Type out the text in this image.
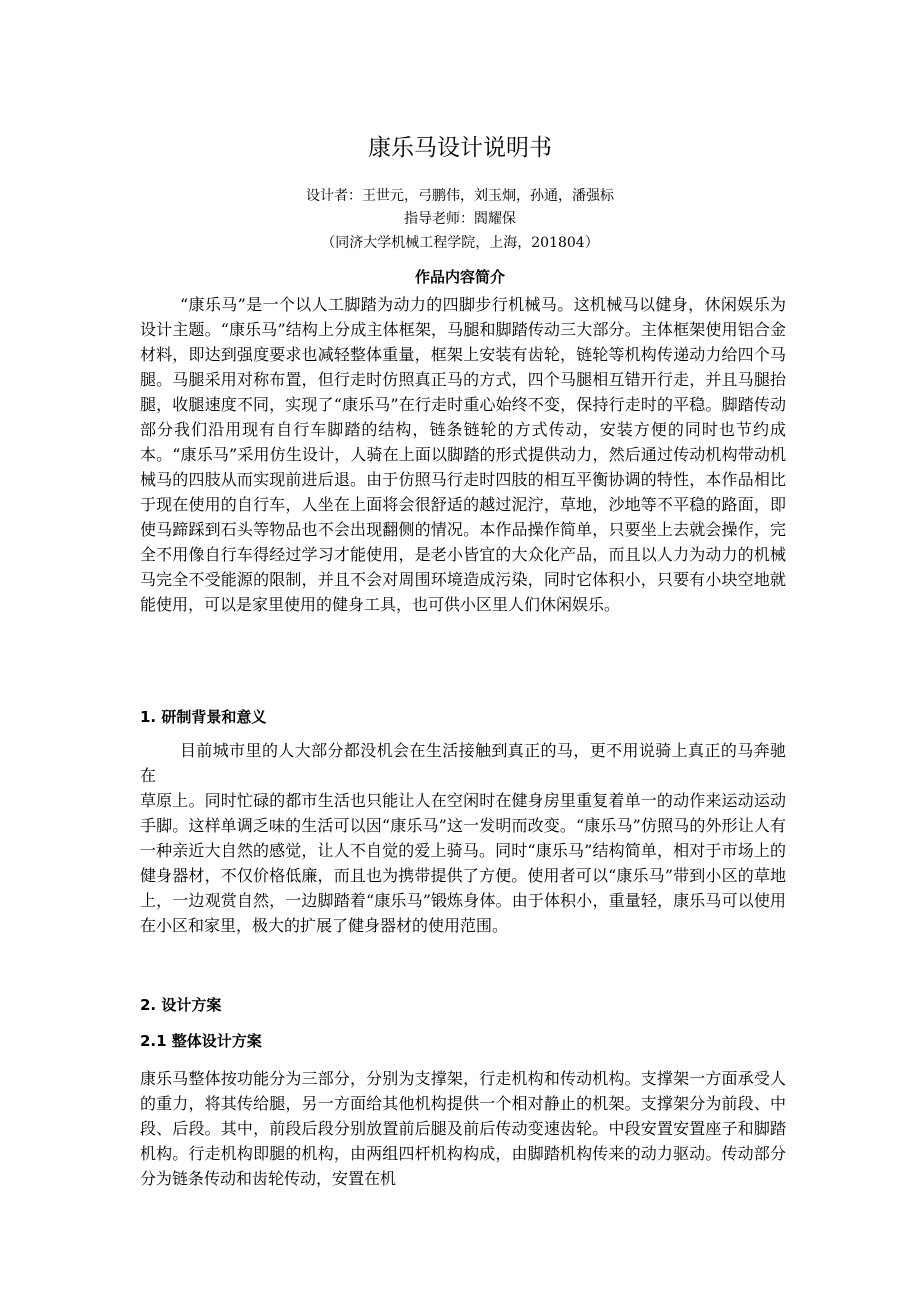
康乐马设计说明书
设计者：王世元，弓鹏伟，刘玉炯，孙通，潘强标
指导老师：閻耀保
（同济大学机械工程学院，上海，201804）
作品内容简介

“康乐马”是一个以人工脚踏为动力的四脚步行机械马。这机械马以健身，休闲娱乐为设计主题。“康乐马”结构上分成主体框架，马腿和脚踏传动三大部分。主体框架使用铝合金材料，即达到强度要求也减轻整体重量，框架上安装有齿轮，链轮等机构传递动力给四个马腿。马腿采用对称布置，但行走时仿照真正马的方式，四个马腿相互错开行走，并且马腿抬腿，收腿速度不同，实现了“康乐马”在行走时重心始终不变，保持行走时的平稳。脚踏传动部分我们沿用现有自行车脚踏的结构，链条链轮的方式传动，安装方便的同时也节约成本。“康乐马”采用仿生设计，人骑在上面以脚踏的形式提供动力，然后通过传动机构带动机械马的四肢从而实现前进后退。由于仿照马行走时四肢的相互平衡协调的特性，本作品相比于现在使用的自行车，人坐在上面将会很舒适的越过泥泞，草地，沙地等不平稳的路面，即使马蹄踩到石头等物品也不会出现翻侧的情况。本作品操作简单，只要坐上去就会操作，完全不用像自行车得经过学习才能使用，是老小皆宜的大众化产品，而且以人力为动力的机械马完全不受能源的限制，并且不会对周围环境造成污染，同时它体积小，只要有小块空地就能使用，可以是家里使用的健身工具，也可供小区里人们休闲娱乐。

1. 研制背景和意义

目前城市里的人大部分都没机会在生活接触到真正的马，更不用说骑上真正的马奔驰在

草原上。同时忙碌的都市生活也只能让人在空闲时在健身房里重复着单一的动作来运动运动手脚。这样单调乏味的生活可以因“康乐马”这一发明而改变。“康乐马”仿照马的外形让人有一种亲近大自然的感觉，让人不自觉的爱上骑马。同时“康乐马”结构简单，相对于市场上的健身器材，不仅价格低廉，而且也为携带提供了方便。使用者可以“康乐马”带到小区的草地上，一边观赏自然，一边脚踏着“康乐马”锻炼身体。由于体积小，重量轻，康乐马可以使用在小区和家里，极大的扩展了健身器材的使用范围。

2. 设计方案
2.1 整体设计方案

康乐马整体按功能分为三部分，分别为支撑架，行走机构和传动机构。支撑架一方面承受人的重力，将其传给腿，另一方面给其他机构提供一个相对静止的机架。支撑架分为前段、中段、后段。其中，前段后段分别放置前后腿及前后传动变速齿轮。中段安置安置座子和脚踏机构。行走机构即腿的机构，由两组四杆机构构成，由脚踏机构传来的动力驱动。传动部分分为链条传动和齿轮传动，安置在机
